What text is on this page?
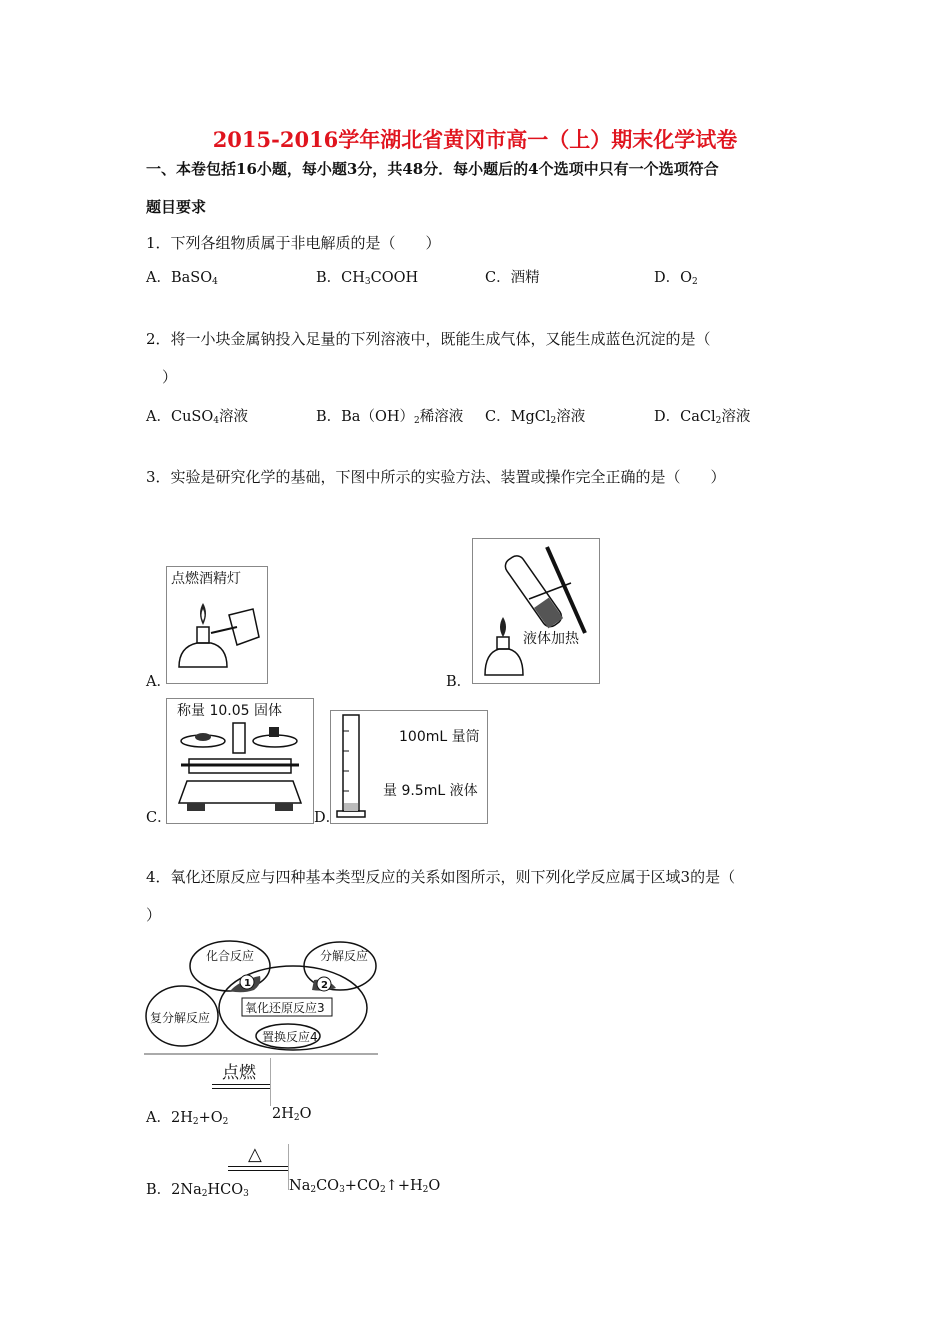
2015-2016学年湖北省黄冈市高一（上）期末化学试卷
一、本卷包括16小题，每小题3分，共48分．每小题后的4个选项中只有一个选项符合
题目要求
1．下列各组物质属于非电解质的是（　　）
A．BaSO$_4$	B．$CH_3COOH$	C．酒精	D．$O_2$
2．将一小块金属钠投入足量的下列溶液中，既能生成气体，又能生成蓝色沉淀的是（
）
A．CuSO$_4$溶液	B．$Ba(OH)_2$稀溶液 C．MgCl$_2$溶液	D．CaCl$_2$溶液
3．实验是研究化学的基础，下图中所示的实验方法、装置或操作完全正确的是（　　）
点燃酒精灯
A．
液体加热
B．
称量 10.05 固体
C．
100mL 量筒
量 9.5mL 液体
D．
4．氧化还原反应与四种基本类型反应的关系如图所示，则下列化学反应属于区域3的是（
）
1	2
化合反应	分解反应
复分解反应
氧化还原反应3
置换反应4
点燃
A．$2H_2+O_2$	$2H_2O$
△
B．$2Na_2HCO_3$	$Na_2CO_3+CO_2↑+H_2O$
